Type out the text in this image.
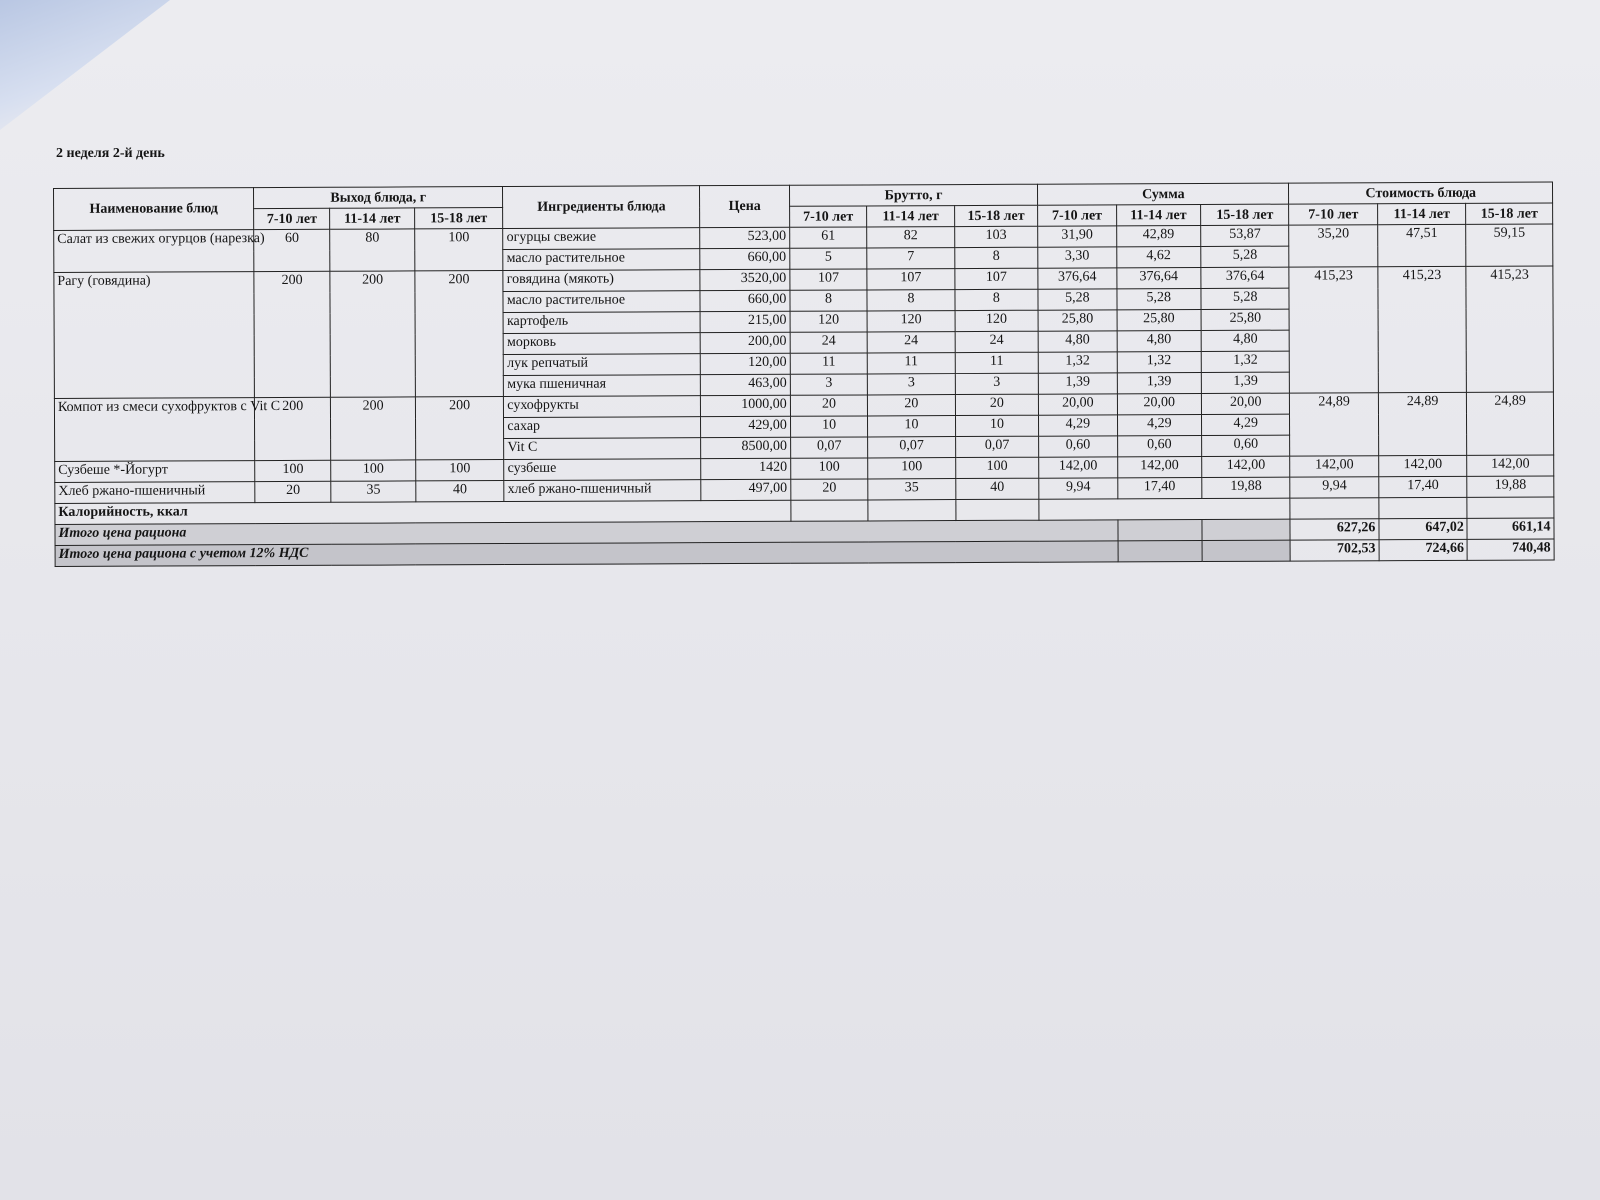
2 неделя 2-й день
Наименование блюд	Выход блюда, г			Ингредиенты блюда	Цена	Брутто, г			Сумма			Стоимость блюда		
	7-10 лет	11-14 лет	15-18 лет			7-10 лет	11-14 лет	15-18 лет	7-10 лет	11-14 лет	15-18 лет	7-10 лет	11-14 лет	15-18 лет
Салат из свежих огурцов (нарезка)	60	80	100	огурцы свежие	523,00	61	82	103	31,90	42,89	53,87	35,20	47,51	59,15
				масло растительное	660,00	5	7	8	3,30	4,62	5,28			
Рагу (говядина)	200	200	200	говядина (мякоть)	3520,00	107	107	107	376,64	376,64	376,64	415,23	415,23	415,23
				масло растительное	660,00	8	8	8	5,28	5,28	5,28			
				картофель	215,00	120	120	120	25,80	25,80	25,80			
				морковь	200,00	24	24	24	4,80	4,80	4,80			
				лук репчатый	120,00	11	11	11	1,32	1,32	1,32			
				мука пшеничная	463,00	3	3	3	1,39	1,39	1,39			
Компот из смеси сухофруктов с Vit C	200	200	200	сухофрукты	1000,00	20	20	20	20,00	20,00	20,00	24,89	24,89	24,89
				сахар	429,00	10	10	10	4,29	4,29	4,29			
				Vit C	8500,00	0,07	0,07	0,07	0,60	0,60	0,60			
Сузбеше *-Йогурт	100	100	100	сузбеше	1420	100	100	100	142,00	142,00	142,00	142,00	142,00	142,00
Хлеб ржано-пшеничный	20	35	40	хлеб ржано-пшеничный	497,00	20	35	40	9,94	17,40	19,88	9,94	17,40	19,88
Калорийность, ккал														
Итого цена рациона												627,26	647,02	661,14
Итого цена рациона с учетом 12% НДС												702,53	724,66	740,48
